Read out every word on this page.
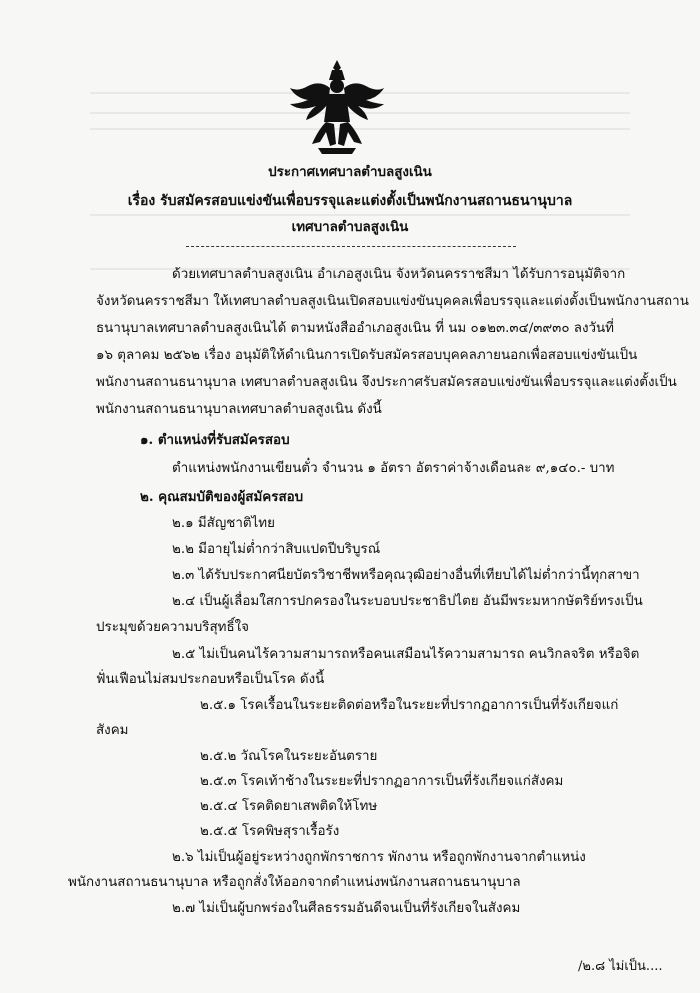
ประกาศเทศบาลตำบลสูงเนิน
เรื่อง รับสมัครสอบแข่งขันเพื่อบรรจุและแต่งตั้งเป็นพนักงานสถานธนานุบาล
เทศบาลตำบลสูงเนิน
ด้วยเทศบาลตำบลสูงเนิน อำเภอสูงเนิน จังหวัดนครราชสีมา ได้รับการอนุมัติจาก
จังหวัดนครราชสีมา ให้เทศบาลตำบลสูงเนินเปิดสอบแข่งขันบุคคลเพื่อบรรจุและแต่งตั้งเป็นพนักงานสถาน
ธนานุบาลเทศบาลตำบลสูงเนินได้ ตามหนังสืออำเภอสูงเนิน ที่ นม ๐๑๒๓.๓๔/๓๙๓๐ ลงวันที่
๑๖ ตุลาคม ๒๕๖๒ เรื่อง อนุมัติให้ดำเนินการเปิดรับสมัครสอบบุคคลภายนอกเพื่อสอบแข่งขันเป็น
พนักงานสถานธนานุบาล เทศบาลตำบลสูงเนิน จึงประกาศรับสมัครสอบแข่งขันเพื่อบรรจุและแต่งตั้งเป็น
พนักงานสถานธนานุบาลเทศบาลตำบลสูงเนิน ดังนี้
๑. ตำแหน่งที่รับสมัครสอบ
ตำแหน่งพนักงานเขียนตั๋ว จำนวน ๑ อัตรา อัตราค่าจ้างเดือนละ ๙,๑๔๐.- บาท
๒. คุณสมบัติของผู้สมัครสอบ
๒.๑ มีสัญชาติไทย
๒.๒ มีอายุไม่ต่ำกว่าสิบแปดปีบริบูรณ์
๒.๓ ได้รับประกาศนียบัตรวิชาชีพหรือคุณวุฒิอย่างอื่นที่เทียบได้ไม่ต่ำกว่านี้ทุกสาขา
๒.๔ เป็นผู้เลื่อมใสการปกครองในระบอบประชาธิปไตย อันมีพระมหากษัตริย์ทรงเป็น
ประมุขด้วยความบริสุทธิ์ใจ
๒.๕ ไม่เป็นคนไร้ความสามารถหรือคนเสมือนไร้ความสามารถ คนวิกลจริต หรือจิต
ฟั่นเฟือนไม่สมประกอบหรือเป็นโรค ดังนี้
๒.๕.๑ โรคเรื้อนในระยะติดต่อหรือในระยะที่ปรากฏอาการเป็นที่รังเกียจแก่
สังคม
๒.๕.๒ วัณโรคในระยะอันตราย
๒.๕.๓ โรคเท้าช้างในระยะที่ปรากฏอาการเป็นที่รังเกียจแก่สังคม
๒.๕.๔ โรคติดยาเสพติดให้โทษ
๒.๕.๕ โรคพิษสุราเรื้อรัง
๒.๖ ไม่เป็นผู้อยู่ระหว่างถูกพักราชการ พักงาน หรือถูกพักงานจากตำแหน่ง
พนักงานสถานธนานุบาล หรือถูกสั่งให้ออกจากตำแหน่งพนักงานสถานธนานุบาล
๒.๗ ไม่เป็นผู้บกพร่องในศีลธรรมอันดีจนเป็นที่รังเกียจในสังคม
/๒.๘ ไม่เป็น....
